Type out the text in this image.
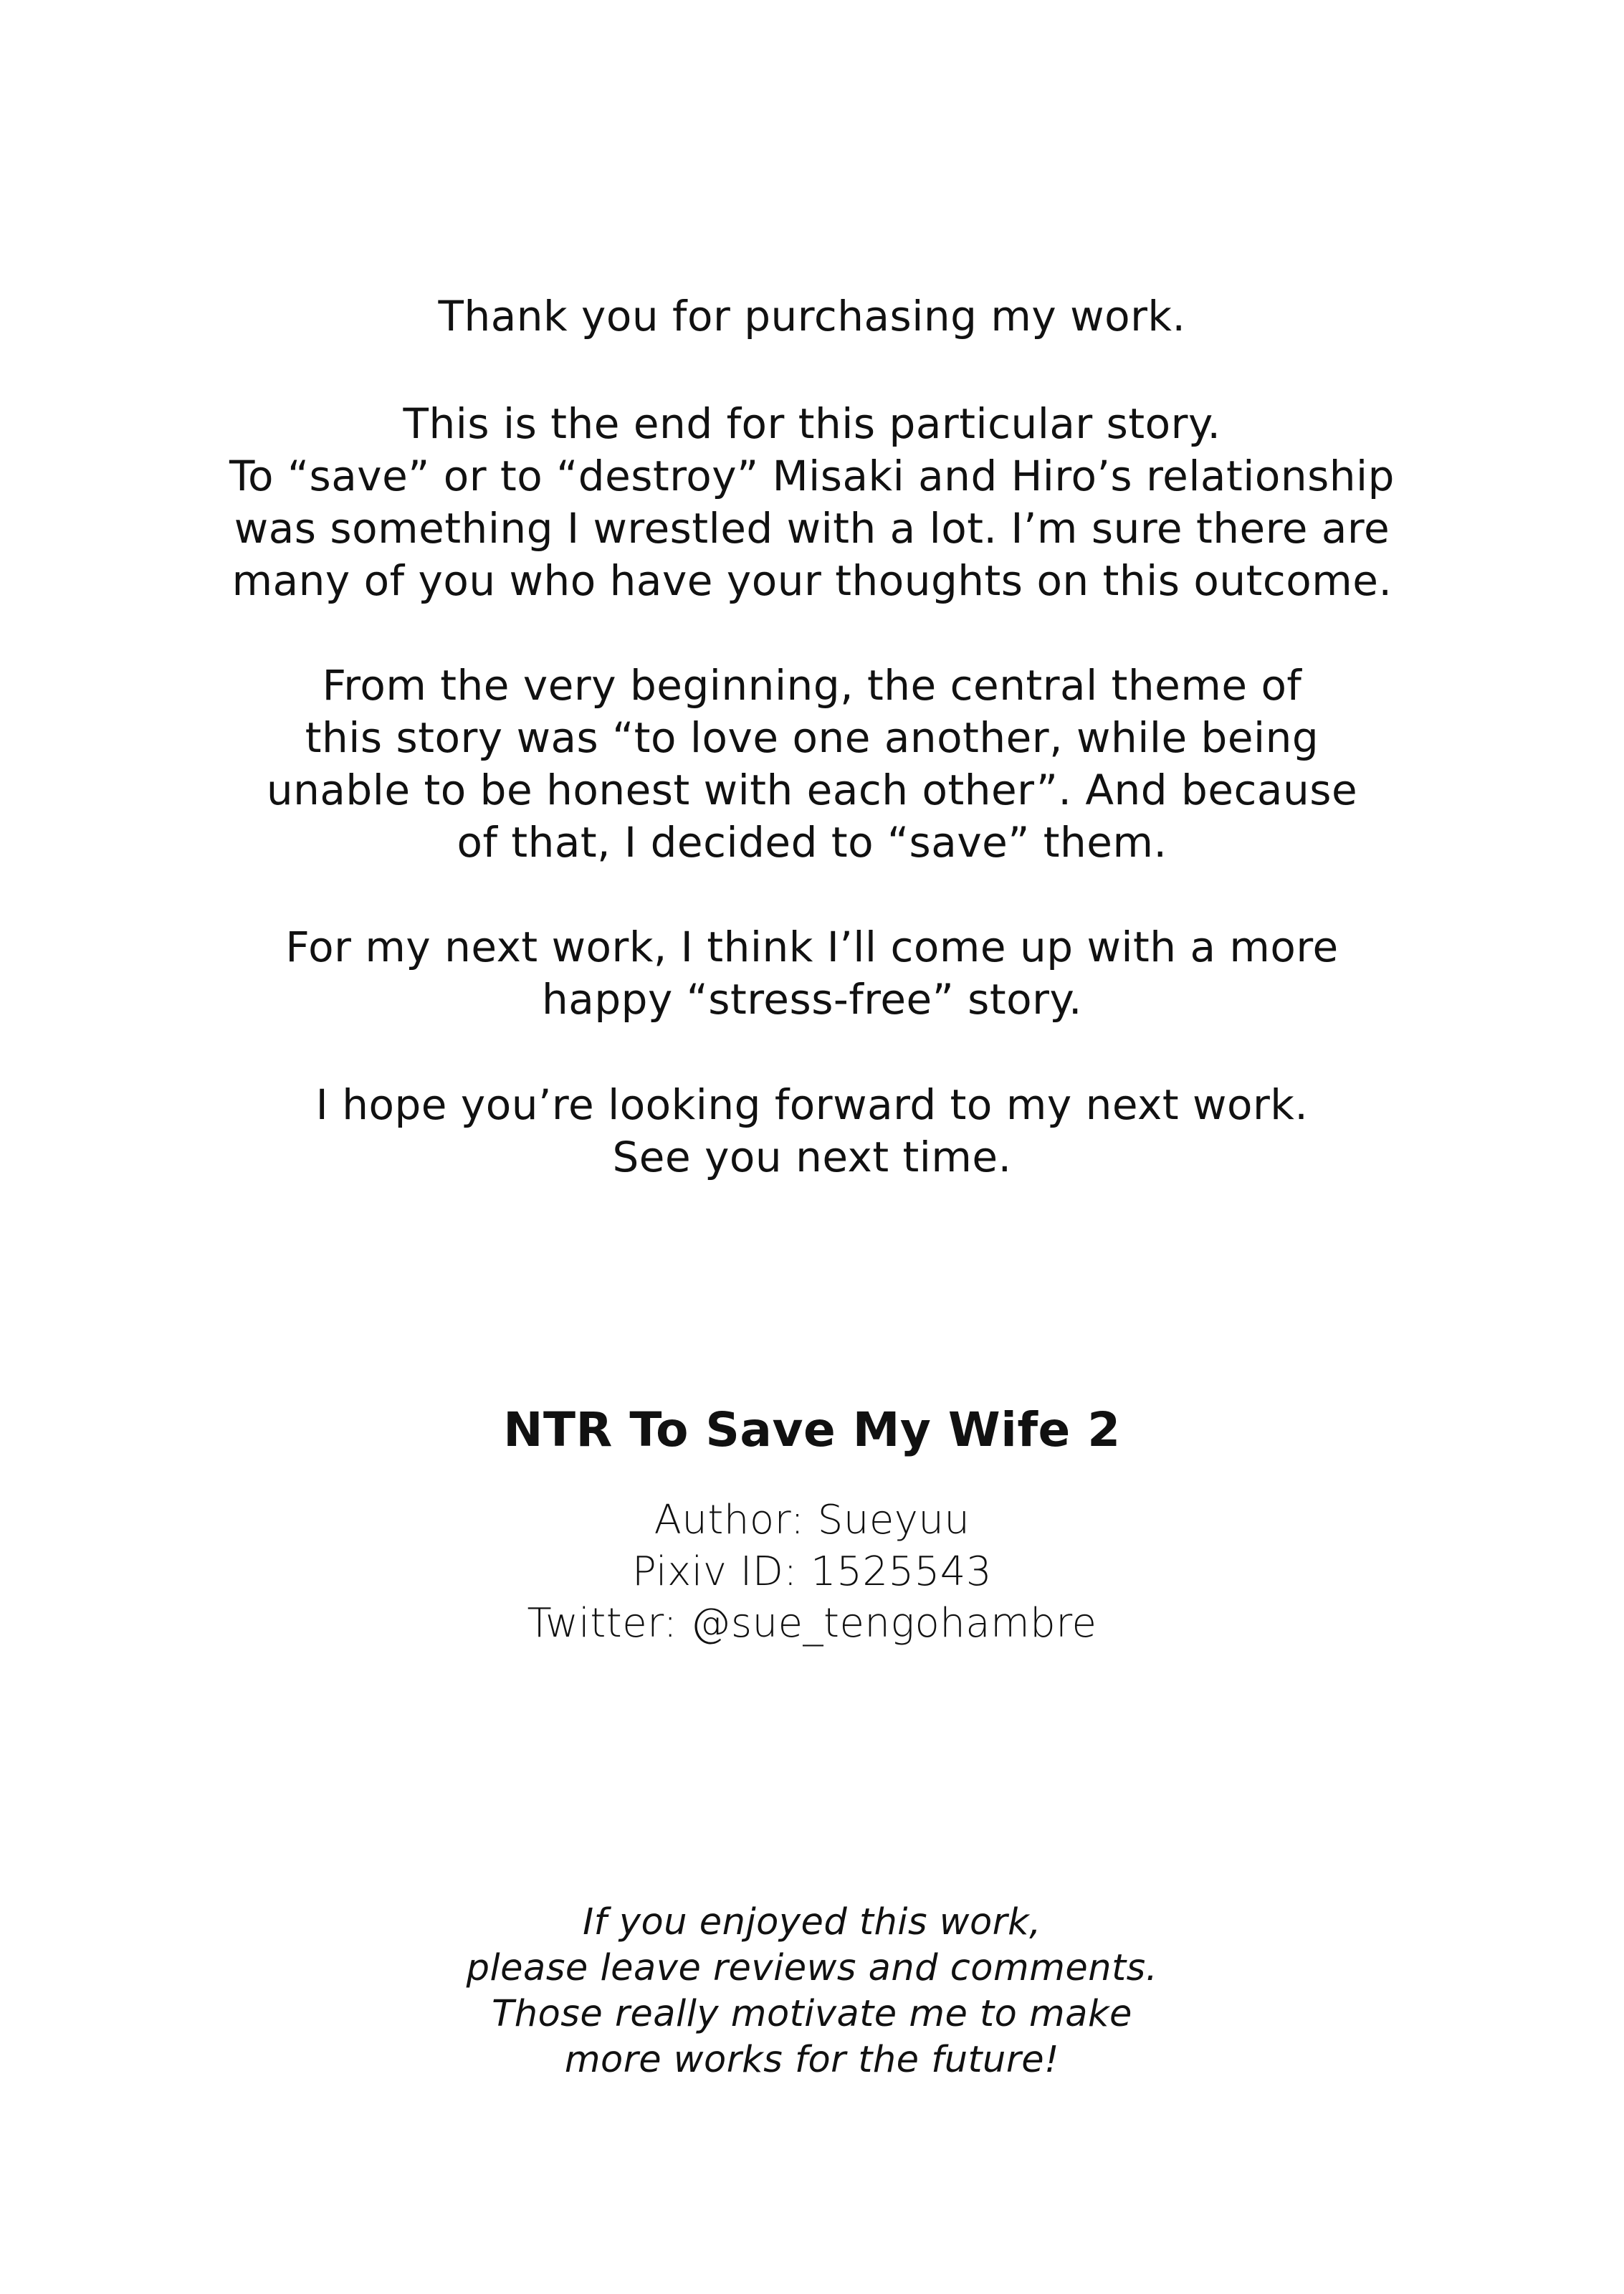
Thank you for purchasing my work.
This is the end for this particular story.
To “save” or to “destroy” Misaki and Hiro’s relationship
was something I wrestled with a lot. I’m sure there are
many of you who have your thoughts on this outcome.
From the very beginning, the central theme of
this story was “to love one another, while being
unable to be honest with each other”. And because
of that, I decided to “save” them.
For my next work, I think I’ll come up with a more
happy “stress-free” story.
I hope you’re looking forward to my next work.
See you next time.
NTR To Save My Wife 2
Author: Sueyuu
Pixiv ID: 1525543
Twitter: @sue_tengohambre
If you enjoyed this work,
please leave reviews and comments.
Those really motivate me to make
more works for the future!
